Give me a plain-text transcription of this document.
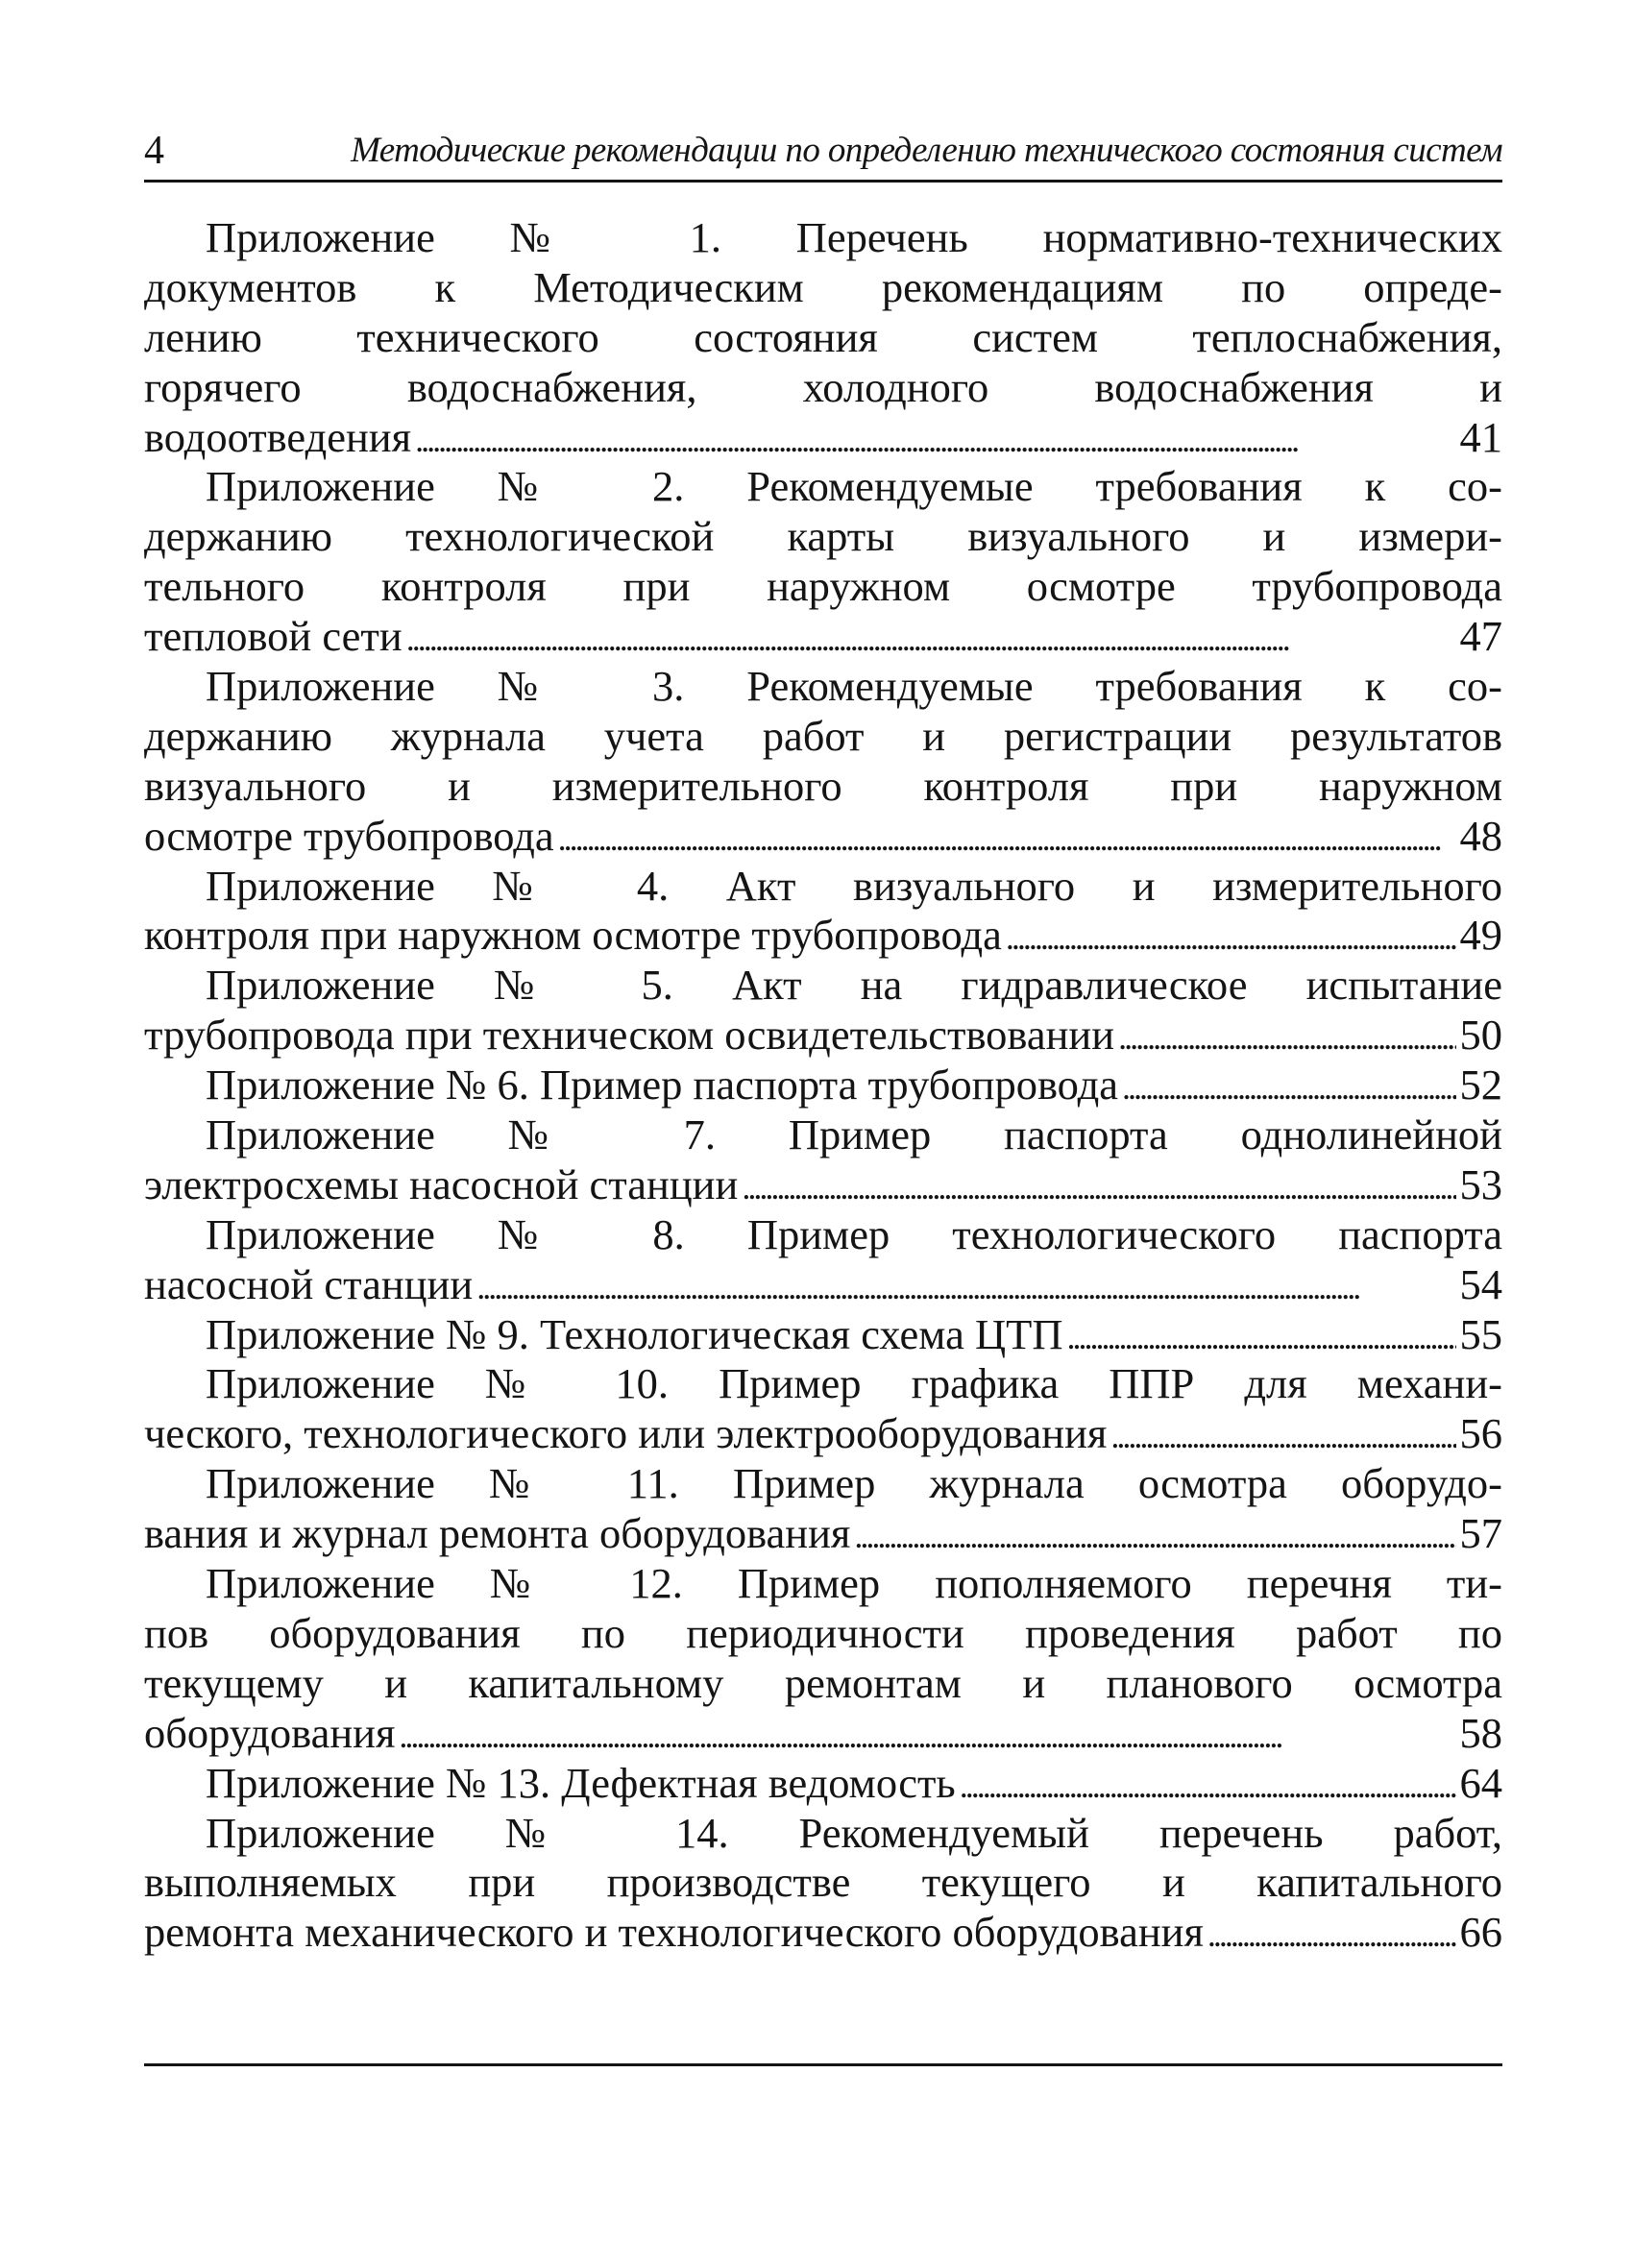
4	Методические рекомендации по определению технического состояния систем
Приложение № 1. Перечень нормативно-технических
документов к Методическим рекомендациям по опреде-
лению технического состояния систем теплоснабжения,
горячего водоснабжения, холодного водоснабжения и
водоотведения . . .	41
Приложение № 2. Рекомендуемые требования к со-
держанию технологической карты визуального и измери-
тельного контроля при наружном осмотре трубопровода
тепловой сети . . .	47
Приложение № 3. Рекомендуемые требования к со-
держанию журнала учета работ и регистрации результатов
визуального и измерительного контроля при наружном
осмотре трубопровода . . .	48
Приложение № 4. Акт визуального и измерительного
контроля при наружном осмотре трубопровода . . .	49
Приложение № 5. Акт на гидравлическое испытание
трубопровода при техническом освидетельствовании . . .	50
Приложение № 6. Пример паспорта трубопровода . . .	52
Приложение № 7. Пример паспорта однолинейной
электросхемы насосной станции . . .	53
Приложение № 8. Пример технологического паспорта
насосной станции . . .	54
Приложение № 9. Технологическая схема ЦТП . . .	55
Приложение № 10. Пример графика ППР для механи-
ческого, технологического или электрооборудования . . .	56
Приложение № 11. Пример журнала осмотра оборудо-
вания и журнал ремонта оборудования . . .	57
Приложение № 12. Пример пополняемого перечня ти-
пов оборудования по периодичности проведения работ по
текущему и капитальному ремонтам и планового осмотра
оборудования . . .	58
Приложение № 13. Дефектная ведомость . . .	64
Приложение № 14. Рекомендуемый перечень работ,
выполняемых при производстве текущего и капитального
ремонта механического и технологического оборудования . . .	66
